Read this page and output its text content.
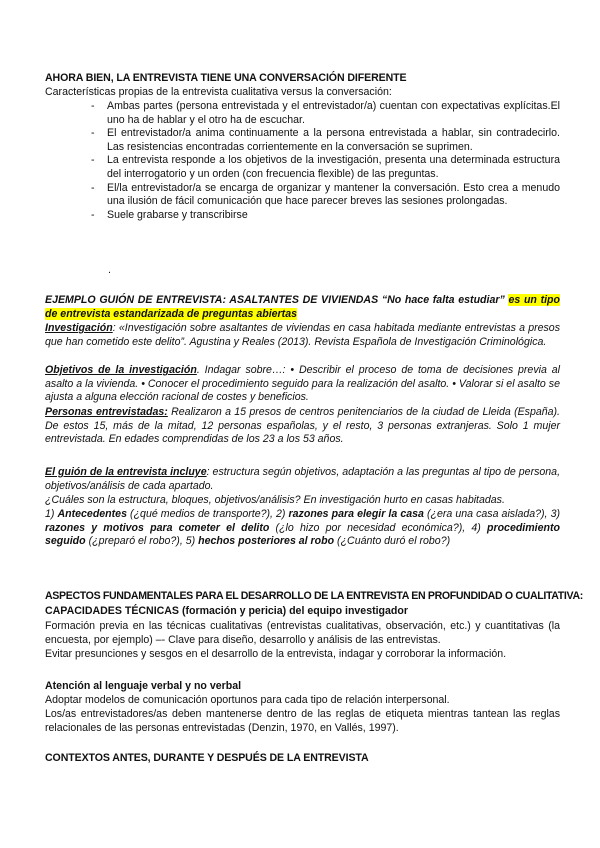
AHORA BIEN, LA ENTREVISTA TIENE UNA CONVERSACIÓN DIFERENTE
Características propias de la entrevista cualitativa versus la conversación:
- Ambas partes (persona entrevistada y el entrevistador/a) cuentan con expectativas explícitas.El uno ha de hablar y el otro ha de escuchar.
- El entrevistador/a anima continuamente a la persona entrevistada a hablar, sin contradecirlo. Las resistencias encontradas corrientemente en la conversación se suprimen.
- La entrevista responde a los objetivos de la investigación, presenta una determinada estructura del interrogatorio y un orden (con frecuencia flexible) de las preguntas.
- El/la entrevistador/a se encarga de organizar y mantener la conversación. Esto crea a menudo una ilusión de fácil comunicación que hace parecer breves las sesiones prolongadas.
- Suele grabarse y transcribirse
.
EJEMPLO GUIÓN DE ENTREVISTA: ASALTANTES DE VIVIENDAS “No hace falta estudiar” es un tipo de entrevista estandarizada de preguntas abiertas
Investigación: «Investigación sobre asaltantes de viviendas en casa habitada mediante entrevistas a presos que han cometido este delito”. Agustina y Reales (2013). Revista Española de Investigación Criminológica.
Objetivos de la investigación. Indagar sobre…: • Describir el proceso de toma de decisiones previa al asalto a la vivienda. • Conocer el procedimiento seguido para la realización del asalto. • Valorar si el asalto se ajusta a alguna elección racional de costes y beneficios.
Personas entrevistadas: Realizaron a 15 presos de centros penitenciarios de la ciudad de Lleida (España). De estos 15, más de la mitad, 12 personas españolas, y el resto, 3 personas extranjeras. Solo 1 mujer entrevistada. En edades comprendidas de los 23 a los 53 años.
El guión de la entrevista incluye: estructura según objetivos, adaptación a las preguntas al tipo de persona, objetivos/análisis de cada apartado.
¿Cuáles son la estructura, bloques, objetivos/análisis? En investigación hurto en casas habitadas.
1) Antecedentes (¿qué medios de transporte?), 2) razones para elegir la casa (¿era una casa aislada?), 3) razones y motivos para cometer el delito (¿lo hizo por necesidad económica?), 4) procedimiento seguido (¿preparó el robo?), 5) hechos posteriores al robo (¿Cuánto duró el robo?)
ASPECTOS FUNDAMENTALES PARA EL DESARROLLO DE LA ENTREVISTA EN PROFUNDIDAD O CUALITATIVA:
CAPACIDADES TÉCNICAS (formación y pericia) del equipo investigador
Formación previa en las técnicas cualitativas (entrevistas cualitativas, observación, etc.) y cuantitativas (la encuesta, por ejemplo) –- Clave para diseño, desarrollo y análisis de las entrevistas.
Evitar presunciones y sesgos en el desarrollo de la entrevista, indagar y corroborar la información.
Atención al lenguaje verbal y no verbal
Adoptar modelos de comunicación oportunos para cada tipo de relación interpersonal.
Los/as entrevistadores/as deben mantenerse dentro de las reglas de etiqueta mientras tantean las reglas relacionales de las personas entrevistadas (Denzin, 1970, en Vallés, 1997).
CONTEXTOS ANTES, DURANTE Y DESPUÉS DE LA ENTREVISTA
